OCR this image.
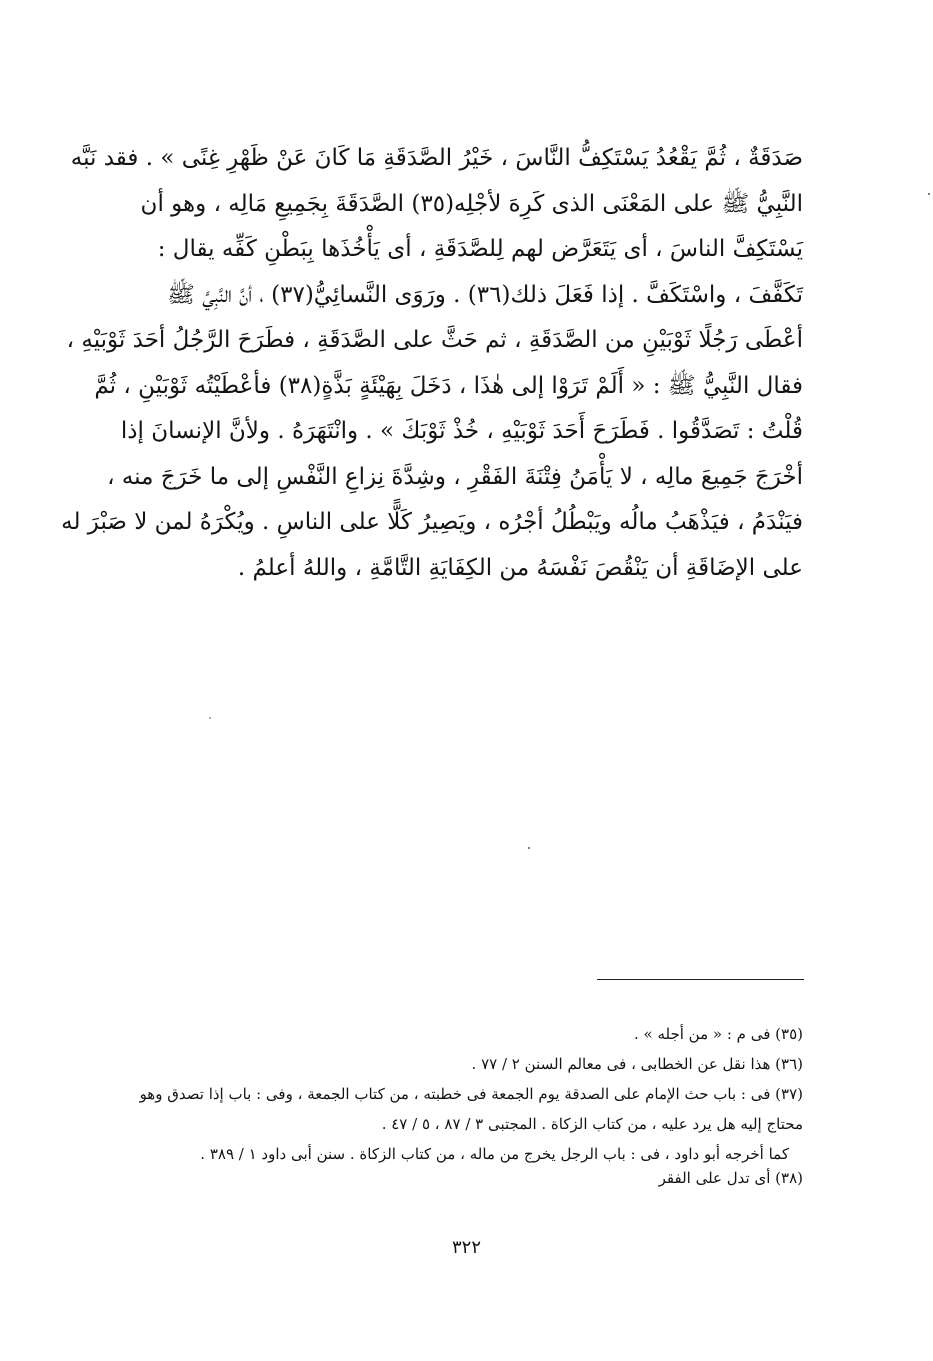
صَدَقَةٌ ، ثُمَّ يَقْعُدُ يَسْتَكِفُّ النَّاسَ ، خَيْرُ الصَّدَقَةِ مَا كَانَ عَنْ ظَهْرِ غِنًى » . فقد نَبَّه
النَّبِيُّ ﷺ على المَعْنَى الذى كَرِهَ لأجْلِه(٣٥) الصَّدَقَةَ بِجَمِيعِ مَالِه ، وهو أن
يَسْتَكِفَّ الناسَ ، أى يَتَعَرَّض لهم لِلصَّدَقَةِ ، أى يَأْخُذَها بِبَطْنِ كَفِّه يقال :
تَكَفَّفَ ، واسْتَكَفَّ . إذا فَعَلَ ذلك(٣٦) . ورَوَى النَّسائِيُّ(٣٧) ، أنَّ النَّبِيَّ ﷺ
أعْطَى رَجُلًا ثَوْبَيْنِ من الصَّدَقَةِ ، ثم حَثَّ على الصَّدَقَةِ ، فطَرَحَ الرَّجُلُ أحَدَ ثَوْبَيْهِ ،
فقال النَّبِيُّ ﷺ : « أَلَمْ تَرَوْا إلى هٰذَا ، دَخَلَ بِهَيْئَةٍ بَذَّةٍ(٣٨) فأعْطَيْتُه ثَوْبَيْنِ ، ثُمَّ
قُلْتُ : تَصَدَّقُوا . فَطَرَحَ أَحَدَ ثَوْبَيْهِ ، خُذْ ثَوْبَكَ » . وانْتَهَرَهُ . ولأنَّ الإنسانَ إذا
أخْرَجَ جَمِيعَ مالِه ، لا يَأْمَنُ فِتْنَةَ الفَقْرِ ، وشِدَّةَ نِزاعِ النَّفْسِ إلى ما خَرَجَ منه ،
فيَنْدَمُ ، فيَذْهَبُ مالُه ويَبْطُلُ أجْرُه ، ويَصِيرُ كَلًّا على الناسِ . ويُكْرَهُ لمن لا صَبْرَ له
على الإضَاقَةِ أن يَنْقُصَ نَفْسَهُ من الكِفَايَةِ التَّامَّةِ ، واللهُ أعلمُ .
(٣٥) فى م : « من أجله » .
(٣٦) هذا نقل عن الخطابى ، فى معالم السنن ٢ / ٧٧ .
(٣٧) فى : باب حث الإمام على الصدقة يوم الجمعة فى خطبته ، من كتاب الجمعة ، وفى : باب إذا تصدق وهو
محتاج إليه هل يرد عليه ، من كتاب الزكاة . المجتبى ٣ / ٨٧ ، ٥ / ٤٧ .
كما أخرجه أبو داود ، فى : باب الرجل يخرج من ماله ، من كتاب الزكاة . سنن أبى داود ١ / ٣٨٩ .
(٣٨) أى تدل على الفقر
٣٢٢
